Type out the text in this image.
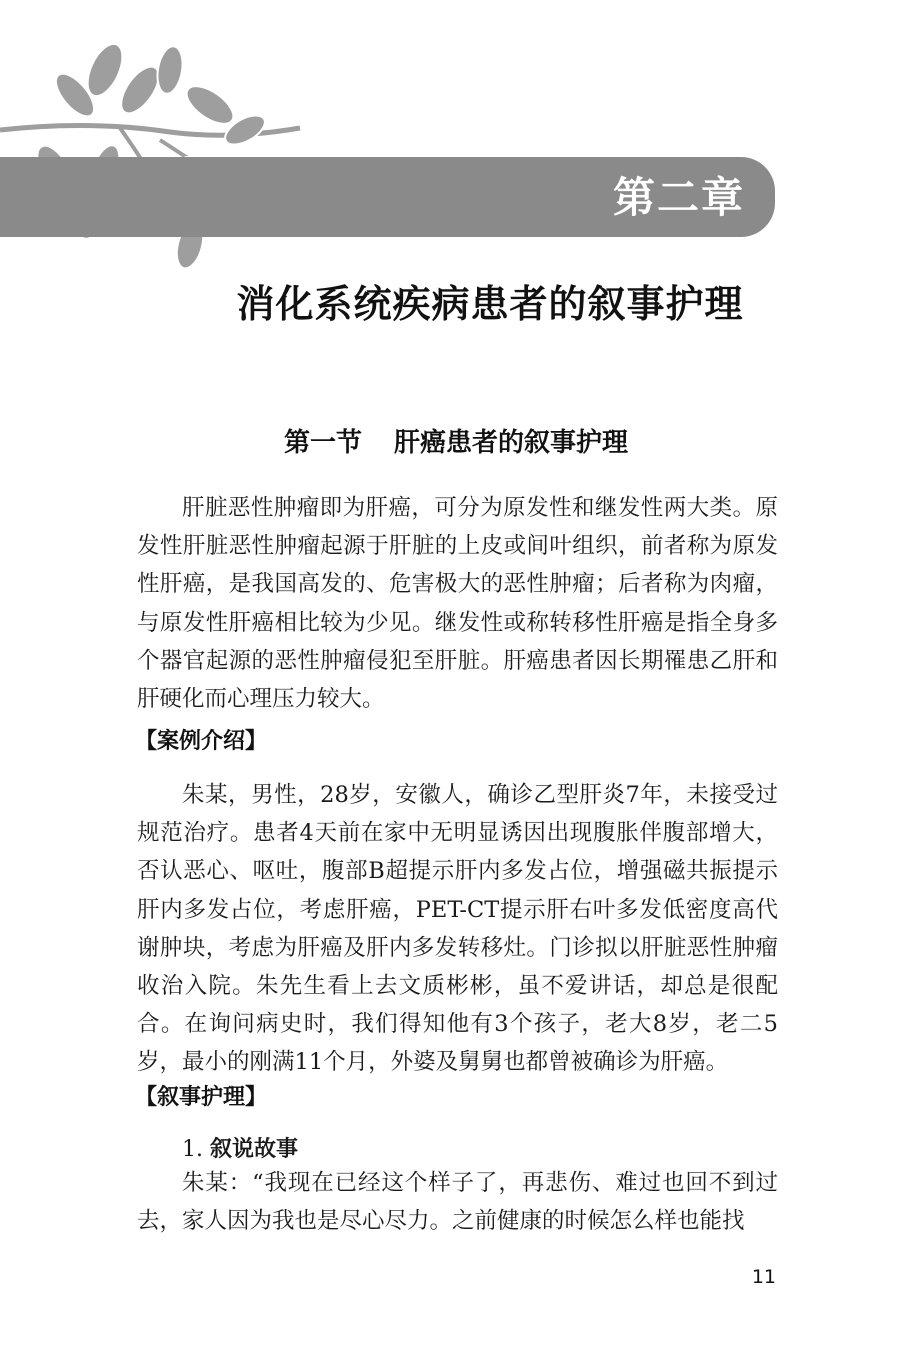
第二章
消化系统疾病患者的叙事护理
第一节 肝癌患者的叙事护理

肝脏恶性肿瘤即为肝癌，可分为原发性和继发性两大类。原发性肝脏恶性肿瘤起源于肝脏的上皮或间叶组织，前者称为原发性肝癌，是我国高发的、危害极大的恶性肿瘤；后者称为肉瘤，与原发性肝癌相比较为少见。继发性或称转移性肝癌是指全身多个器官起源的恶性肿瘤侵犯至肝脏。肝癌患者因长期罹患乙肝和肝硬化而心理压力较大。

【案例介绍】

朱某，男性，28岁，安徽人，确诊乙型肝炎7年，未接受过规范治疗。患者4天前在家中无明显诱因出现腹胀伴腹部增大，否认恶心、呕吐，腹部B超提示肝内多发占位，增强磁共振提示肝内多发占位，考虑肝癌，PET-CT提示肝右叶多发低密度高代谢肿块，考虑为肝癌及肝内多发转移灶。门诊拟以肝脏恶性肿瘤收治入院。朱先生看上去文质彬彬，虽不爱讲话，却总是很配合。在询问病史时，我们得知他有3个孩子，老大8岁，老二5岁，最小的刚满11个月，外婆及舅舅也都曾被确诊为肝癌。

【叙事护理】
1. 叙说故事

朱某：“我现在已经这个样子了，再悲伤、难过也回不到过去，家人因为我也是尽心尽力。之前健康的时候怎么样也能找

11
